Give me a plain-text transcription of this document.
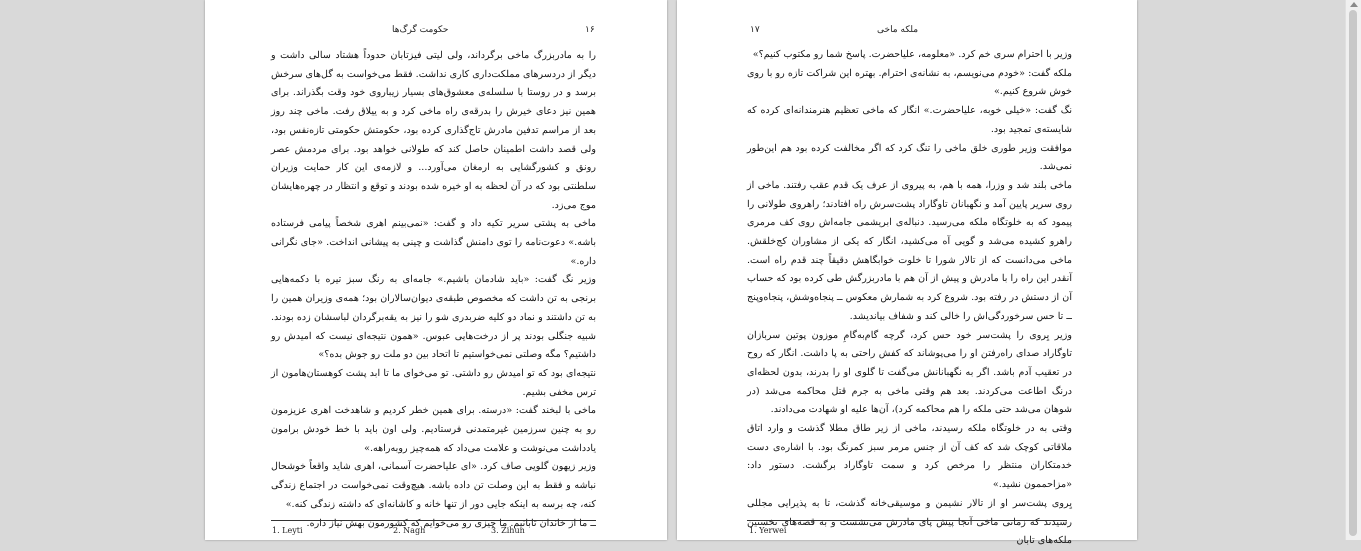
۱۶
حکومت گرگ‌ها

را به مادربزرگ ماخی برگرداند، ولی لیتی فیزتابان حدوداً هشتاد سالی داشت و دیگر از دردسرهای مملکت‌داری کاری نداشت. فقط می‌خواست به گل‌های سرخش برسد و در روستا با سلسله‌ی معشوق‌های بسیار زیباروی خود وقت بگذراند. برای همین نیز دعای خیرش را بدرقه‌ی راه ماخی کرد و به ییلاق رفت. ماخی چند روز بعد از مراسم تدفین مادرش تاج‌گذاری کرده بود، حکومتش حکومتی تازه‌نفس بود، ولی قصد داشت اطمینان حاصل کند که طولانی خواهد بود. برای مردمش عصر رونق و کشورگشایی به ارمغان می‌آورد... و لازمه‌ی این کار حمایت وزیران سلطنتی بود که در آن لحظه به او خیره شده بودند و توقع و انتظار در چهره‌هایشان موج می‌زد.

ماخی به پشتی سریر تکیه داد و گفت: «نمی‌بینم اهری شخصاً پیامی فرستاده باشه.» دعوت‌نامه را توی دامنش گذاشت و چینی به پیشانی انداخت. «جای نگرانی داره.»

وزیر نگ گفت: «باید شادمان باشیم.» جامه‌ای به رنگ سبز تیره با دکمه‌هایی برنجی به تن داشت که مخصوص طبقه‌ی دیوان‌سالاران بود؛ همه‌ی وزیران همین را به تن داشتند و نماد دو کلیه ضربدری شو را نیز به یقه‌برگردان لباسشان زده بودند. شبیه جنگلی بودند پر از درخت‌هایی عبوس. «همون نتیجه‌ای نیست که امیدش رو داشتیم؟ مگه وصلتی نمی‌خواستیم تا اتحاد بین دو ملت رو جوش بده؟»

نتیجه‌ای بود که تو امیدش رو داشتی. تو می‌خوای ما تا ابد پشت کوهستان‌هامون از ترس مخفی بشیم.

ماخی با لبخند گفت: «درسته. برای همین خطر کردیم و شاهدخت اهری عزیزمون رو به چنین سرزمین غیرمتمدنی فرستادیم. ولی اون باید با خط خودش برامون یادداشت می‌نوشت و علامت می‌داد که همه‌چیز روبه‌راهه.»

وزیر زیهون گلویی صاف کرد. «ای علیاحضرت آسمانی، اهری شاید واقعاً خوشحال نباشه و فقط به این وصلت تن داده باشه. هیچ‌وقت نمی‌خواست در اجتماع زندگی کنه، چه برسه به اینکه جایی دور از تنها خانه و کاشانه‌ای که داشته زندگی کنه.»

ــ ما از خاندان تابانیم. ما چیزی رو می‌خوایم که کشورمون بهش نیاز داره.

1. Leyti	2. Nagh	3. Zihun
۱۷	ملکه ماخی

وزیر با احترام سری خم کرد. «معلومه، علیاحضرت. پاسخ شما رو مکتوب کنیم؟»

ملکه گفت: «خودم می‌نویسم، به نشانه‌ی احترام. بهتره این شراکت تازه رو با روی خوش شروع کنیم.»

نگ گفت: «خیلی خوبه، علیاحضرت.» انگار که ماخی تعظیم هنرمندانه‌ای کرده که شایسته‌ی تمجید بود.

موافقت وزیر طوری خلق ماخی را تنگ کرد که اگر مخالفت کرده بود هم این‌طور نمی‌شد.

ماخی بلند شد و وزرا، همه با هم، به پیروی از عرف یک قدم عقب رفتند. ماخی از روی سریر پایین آمد و نگهبانان تاوگاراد پشت‌سرش راه افتادند؛ راهروی طولانی را پیمود که به خلوتگاه ملکه می‌رسید. دنباله‌ی ابریشمی جامه‌اش روی کف مرمری راهرو کشیده می‌شد و گویی آه می‌کشید، انگار که یکی از مشاوران کج‌خلقش. ماخی می‌دانست که از تالار شورا تا خلوت خوابگاهش دقیقاً چند قدم راه است. آنقدر این راه را با مادرش و پیش از آن هم با مادربزرگش طی کرده بود که حساب آن از دستش در رفته بود. شروع کرد به شمارش معکوس ــ پنجاه‌وشش، پنجاه‌وپنج ــ تا حس سرخوردگی‌اش را خالی کند و شفاف بیاندیشد.

وزیر یِروی را پشت‌سر خود حس کرد، گرچه گام‌به‌گامِ موزون پوتین سربازان تاوگاراد صدای راه‌رفتن او را می‌پوشاند که کفش راحتی به پا داشت. انگار که روح در تعقیب آدم باشد. اگر به نگهبانانش می‌گفت تا گلوی او را بدرند، بدون لحظه‌ای درنگ اطاعت می‌کردند. بعد هم وقتی ماخی به جرم قتل محاکمه می‌شد (در شوهان می‌شد حتی ملکه را هم محاکمه کرد)، آن‌ها علیه او شهادت می‌دادند.

وقتی به در خلوتگاه ملکه رسیدند، ماخی از زیر طاق مطلا گذشت و وارد اتاق ملاقاتی کوچک شد که کف آن از جنس مرمر سبز کمرنگ بود. با اشاره‌ی دست خدمتکاران منتظر را مرخص کرد و سمت تاوگاراد برگشت. دستور داد: «مزاحممون نشید.»

یِروی پشت‌سر او از تالار نشیمن و موسیقی‌خانه گذشت، تا به پذیرایی مجللی رسیدند که زمانی ماخی آنجا پیش پای مادرش می‌نشست و به قصه‌های نخستین ملکه‌های تابان

1. Yerwei
